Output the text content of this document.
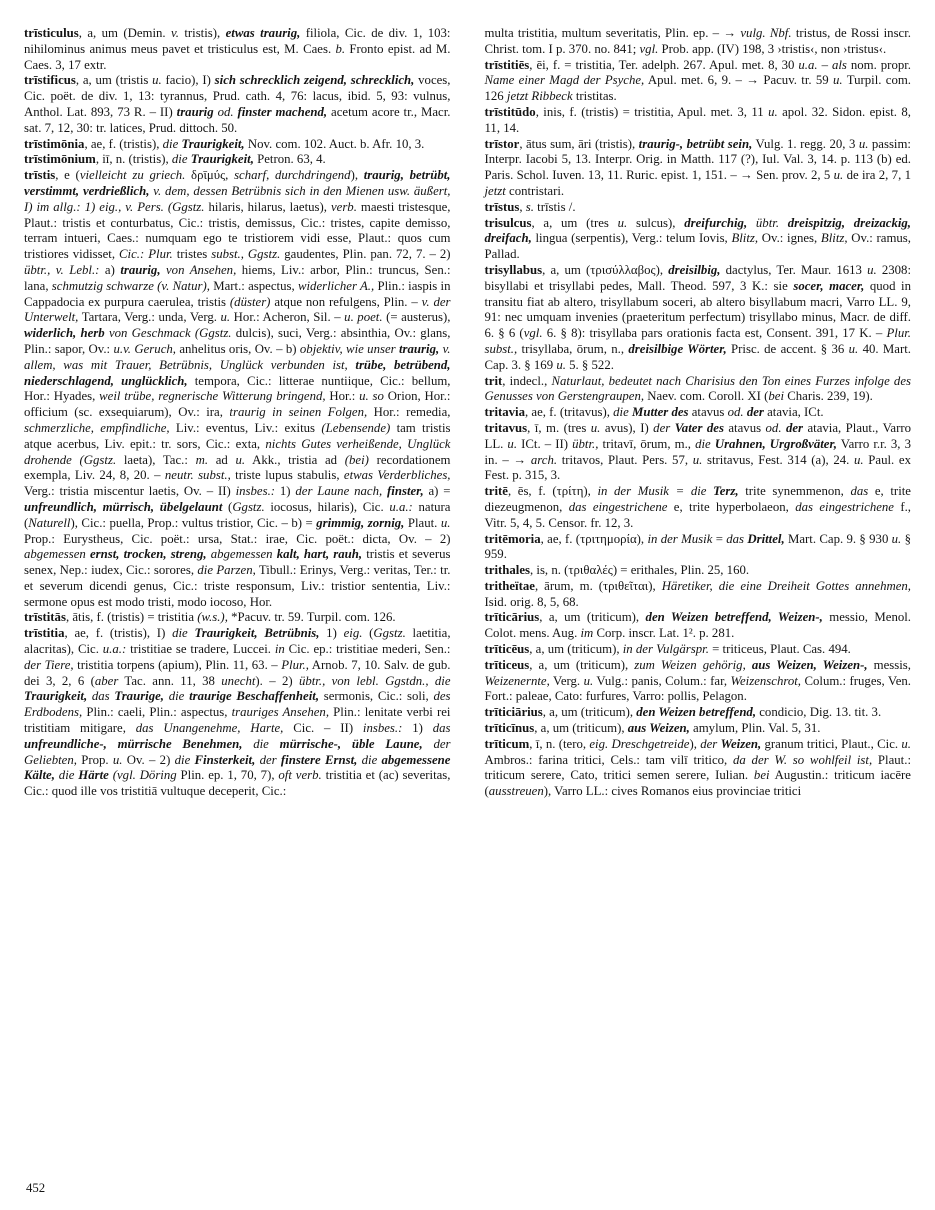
trīsticulus, a, um (Demin. v. tristis), etwas traurig, filiola, Cic. de div. 1, 103: nihilominus animus meus pavet et tristiculus est, M. Caes. b. Fronto epist. ad M. Caes. 3, 17 extr.

trīstificus, a, um (tristis u. facio), I) sich schrecklich zeigend, schrecklich, voces, Cic. poët. de div. 1, 13: tyrannus, Prud. cath. 4, 76: lacus, ibid. 5, 93: vulnus, Anthol. Lat. 893, 73 R. – II) traurig od. finster machend, acetum acore tr., Macr. sat. 7, 12, 30: tr. latices, Prud. dittoch. 50.

trīstimōnia, ae, f. (tristis), die Traurigkeit, Nov. com. 102. Auct. b. Afr. 10, 3.

trīstimōnium, iī, n. (tristis), die Traurigkeit, Petron. 63, 4.

trīstis, e (vielleicht zu griech. δρῑμύς, scharf, durchdringend), traurig, betrübt, verstimmt, verdrießlich, v. dem, dessen Betrübnis sich in den Mienen usw. äußert, I) im allg.: 1) eig., v. Pers. (Ggstz. hilaris, hilarus, laetus), verb. maesti tristesque, Plaut.: tristis et conturbatus, Cic.: tristis, demissus, Cic.: tristes, capite demisso, terram intueri, Caes.: numquam ego te tristiorem vidi esse, Plaut.: quos cum tristiores vidisset, Cic.: Plur. tristes subst., Ggstz. gaudentes, Plin. pan. 72, 7. – 2) übtr., v. Lebl.: a) traurig, von Ansehen, hiems, Liv.: arbor, Plin.: truncus, Sen.: lana, schmutzig schwarze (v. Natur), Mart.: aspectus, widerlicher A., Plin.: iaspis in Cappadocia ex purpura caerulea, tristis (düster) atque non refulgens, Plin. – v. der Unterwelt, Tartara, Verg.: unda, Verg. u. Hor.: Acheron, Sil. – u. poet. (= austerus), widerlich, herb von Geschmack (Ggstz. dulcis), suci, Verg.: absinthia, Ov.: glans, Plin.: sapor, Ov.: u.v. Geruch, anhelitus oris, Ov. – b) objektiv, wie unser traurig, v. allem, was mit Trauer, Betrübnis, Unglück verbunden ist, trübe, betrübend, niederschlagend, unglücklich, tempora, Cic.: litterae nuntiique, Cic.: bellum, Hor.: Hyades, weil trübe, regnerische Witterung bringend, Hor.: u. so Orion, Hor.: officium (sc. exsequiarum), Ov.: ira, traurig in seinen Folgen, Hor.: remedia, schmerzliche, empfindliche, Liv.: eventus, Liv.: exitus (Lebensende) tam tristis atque acerbus, Liv. epit.: tr. sors, Cic.: exta, nichts Gutes verheißende, Unglück drohende (Ggstz. laeta), Tac.: m. ad u. Akk., tristia ad (bei) recordationem exempla, Liv. 24, 8, 20. – neutr. subst., triste lupus stabulis, etwas Verderbliches, Verg.: tristia miscentur laetis, Ov. – II) insbes.: 1) der Laune nach, finster, a) = unfreundlich, mürrisch, übelgelaunt (Ggstz. iocosus, hilaris), Cic. u.a.: natura (Naturell), Cic.: puella, Prop.: vultus tristior, Cic. – b) = grimmig, zornig, Plaut. u. Prop.: Eurystheus, Cic. poët.: ursa, Stat.: irae, Cic. poët.: dicta, Ov. – 2) abgemessen ernst, trocken, streng, abgemessen kalt, hart, rauh, tristis et severus senex, Nep.: iudex, Cic.: sorores, die Parzen, Tibull.: Erinys, Verg.: veritas, Ter.: tr. et severum dicendi genus, Cic.: triste responsum, Liv.: tristior sententia, Liv.: sermone opus est modo tristi, modo iocoso, Hor.

trīstitās, ātis, f. (tristis) = tristitia (w.s.), *Pacuv. tr. 59. Turpil. com. 126.

trīstitia, ae, f. (tristis), I) die Traurigkeit, Betrübnis, 1) eig. (Ggstz. laetitia, alacritas), Cic. u.a.: tristitiae se tradere, Luccei. in Cic. ep.: tristitiae mederi, Sen.: der Tiere, tristitia torpens (apium), Plin. 11, 63. – Plur., Arnob. 7, 10. Salv. de gub. dei 3, 2, 6 (aber Tac. ann. 11, 38 unecht). – 2) übtr., von lebl. Ggstdn., die Traurigkeit, das Traurige, die traurige Beschaffenheit, sermonis, Cic.: soli, des Erdbodens, Plin.: caeli, Plin.: aspectus, trauriges Ansehen, Plin.: lenitate verbi rei tristitiam mitigare, das Unangenehme, Harte, Cic. – II) insbes.: 1) das unfreundliche-, mürrische Benehmen, die mürrische-, üble Laune, der Geliebten, Prop. u. Ov. – 2) die Finsterkeit, der finstere Ernst, die abgemessene Kälte, die Härte (vgl. Döring Plin. ep. 1, 70, 7), oft verb. tristitia et (ac) severitas, Cic.: quod ille vos tristitiā vultuque deceperit, Cic.:

multa tristitia, multum severitatis, Plin. ep. – → vulg. Nbf. tristus, de Rossi inscr. Christ. tom. I p. 370. no. 841; vgl. Prob. app. (IV) 198, 3 ›tristis‹, non ›tristus‹.

trīstitiēs, ēi, f. = tristitia, Ter. adelph. 267. Apul. met. 8, 30 u.a. – als nom. propr. Name einer Magd der Psyche, Apul. met. 6, 9. – → Pacuv. tr. 59 u. Turpil. com. 126 jetzt Ribbeck tristitas.

trīstitūdo, inis, f. (tristis) = tristitia, Apul. met. 3, 11 u. apol. 32. Sidon. epist. 8, 11, 14.

trīstor, ātus sum, āri (tristis), traurig-, betrübt sein, Vulg. 1. regg. 20, 3 u. passim: Interpr. Iacobi 5, 13. Interpr. Orig. in Matth. 117 (?), Iul. Val. 3, 14. p. 113 (b) ed. Paris. Schol. Iuven. 13, 11. Ruric. epist. 1, 151. – → Sen. prov. 2, 5 u. de ira 2, 7, 1 jetzt contristari.

trīstus, s. trīstis /.

trisulcus, a, um (tres u. sulcus), dreifurchig, übtr. dreispitzig, dreizackig, dreifach, lingua (serpentis), Verg.: telum Iovis, Blitz, Ov.: ignes, Blitz, Ov.: ramus, Pallad.

trisyllabus, a, um (τρισύλλαβος), dreisilbig, dactylus, Ter. Maur. 1613 u. 2308: bisyllabi et trisyllabi pedes, Mall. Theod. 597, 3 K.: sie socer, macer, quod in transitu fiat ab altero, trisyllabum soceri, ab altero bisyllabum macri, Varro LL. 9, 91: nec umquam invenies (praeteritum perfectum) trisyllabo minus, Macr. de diff. 6. § 6 (vgl. 6. § 8): trisyllaba pars orationis facta est, Consent. 391, 17 K. – Plur. subst., trisyllaba, ōrum, n., dreisilbige Wörter, Prisc. de accent. § 36 u. 40. Mart. Cap. 3. § 169 u. 5. § 522.

trit, indecl., Naturlaut, bedeutet nach Charisius den Ton eines Furzes infolge des Genusses von Gerstengraupen, Naev. com. Coroll. XI (bei Charis. 239, 19).

tritavia, ae, f. (tritavus), die Mutter des atavus od. der atavia, ICt.

tritavus, ī, m. (tres u. avus), I) der Vater des atavus od. der atavia, Plaut., Varro LL. u. ICt. – II) übtr., tritavī, ōrum, m., die Urahnen, Urgroßväter, Varro r.r. 3, 3 in. – → arch. tritavos, Plaut. Pers. 57, u. stritavus, Fest. 314 (a), 24. u. Paul. ex Fest. p. 315, 3.

tritē, ēs, f. (τρίτη), in der Musik = die Terz, trite synemmenon, das e, trite diezeugmenon, das eingestrichene e, trite hyperbolaeon, das eingestrichene f., Vitr. 5, 4, 5. Censor. fr. 12, 3.

tritēmoria, ae, f. (τριτημορία), in der Musik = das Drittel, Mart. Cap. 9. § 930 u. § 959.

trithales, is, n. (τριθαλές) = erithales, Plin. 25, 160.

tritheïtae, ārum, m. (τριθεῖται), Häretiker, die eine Dreiheit Gottes annehmen, Isid. orig. 8, 5, 68.

trīticārius, a, um (triticum), den Weizen betreffend, Weizen-, messio, Menol. Colot. mens. Aug. im Corp. inscr. Lat. 1². p. 281.

trīticēus, a, um (triticum), in der Vulgärspr. = triticeus, Plaut. Cas. 494.

trīticeus, a, um (triticum), zum Weizen gehörig, aus Weizen, Weizen-, messis, Weizenernte, Verg. u. Vulg.: panis, Colum.: far, Weizenschrot, Colum.: fruges, Ven. Fort.: paleae, Cato: furfures, Varro: pollis, Pelagon.

trīticiārius, a, um (triticum), den Weizen betreffend, condicio, Dig. 13. tit. 3.

trīticīnus, a, um (triticum), aus Weizen, amylum, Plin. Val. 5, 31.

trīticum, ī, n. (tero, eig. Dreschgetreide), der Weizen, granum tritici, Plaut., Cic. u. Ambros.: farina tritici, Cels.: tam vilī tritico, da der W. so wohlfeil ist, Plaut.: triticum serere, Cato, tritici semen serere, Iulian. bei Augustin.: triticum iacēre (ausstreuen), Varro LL.: cives Romanos eius provinciae tritici

452
